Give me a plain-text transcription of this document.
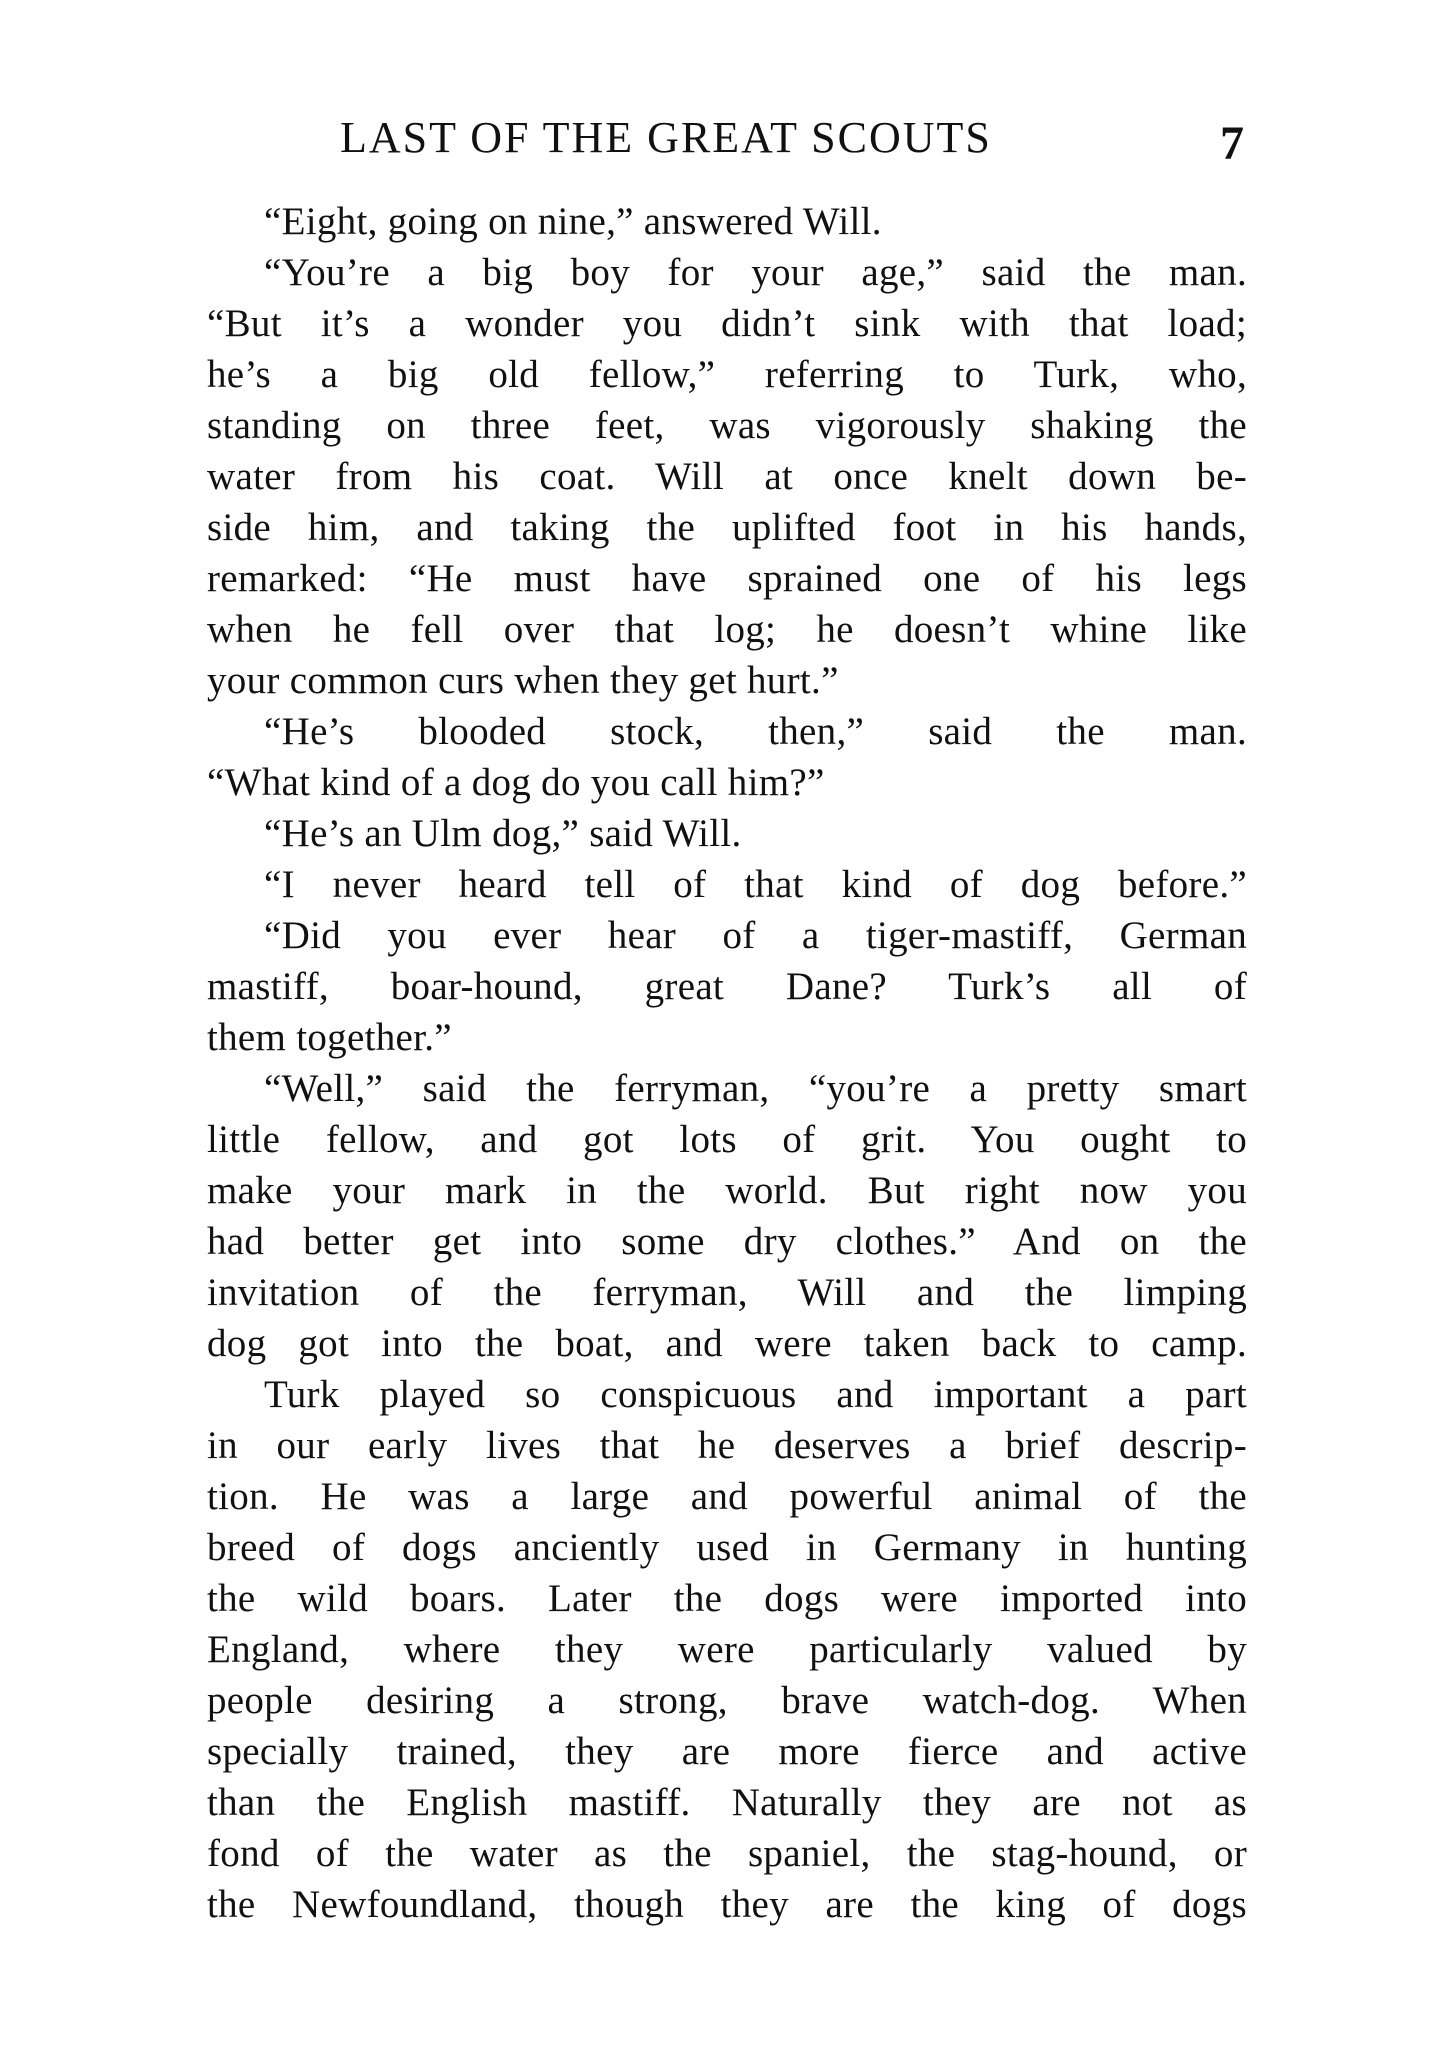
LAST OF THE GREAT SCOUTS	7
“Eight, going on nine,” answered Will.
“You’re a big boy for your age,” said the man.
“But it’s a wonder you didn’t sink with that load;
he’s a big old fellow,” referring to Turk, who,
standing on three feet, was vigorously shaking the
water from his coat. Will at once knelt down be-
side him, and taking the uplifted foot in his hands,
remarked: “He must have sprained one of his legs
when he fell over that log; he doesn’t whine like
your common curs when they get hurt.”
“He’s blooded stock, then,” said the man.
“What kind of a dog do you call him?”
“He’s an Ulm dog,” said Will.
“I never heard tell of that kind of dog before.”
“Did you ever hear of a tiger-mastiff, German
mastiff, boar-hound, great Dane? Turk’s all of
them together.”
“Well,” said the ferryman, “you’re a pretty smart
little fellow, and got lots of grit. You ought to
make your mark in the world. But right now you
had better get into some dry clothes.” And on the
invitation of the ferryman, Will and the limping
dog got into the boat, and were taken back to camp.
Turk played so conspicuous and important a part
in our early lives that he deserves a brief descrip-
tion. He was a large and powerful animal of the
breed of dogs anciently used in Germany in hunting
the wild boars. Later the dogs were imported into
England, where they were particularly valued by
people desiring a strong, brave watch-dog. When
specially trained, they are more fierce and active
than the English mastiff. Naturally they are not as
fond of the water as the spaniel, the stag-hound, or
the Newfoundland, though they are the king of dogs
